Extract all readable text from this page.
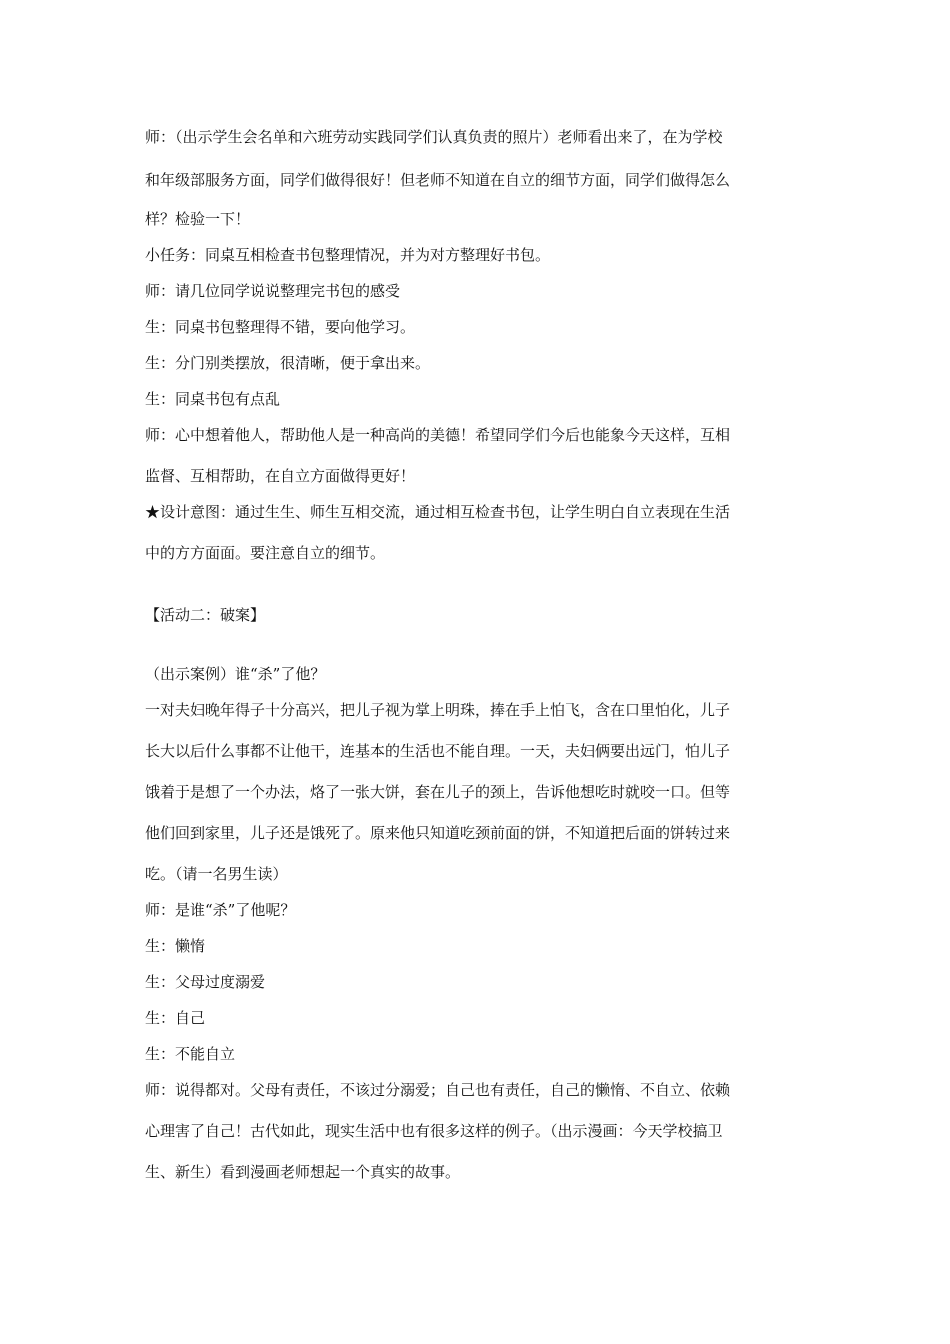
师：（出示学生会名单和六班劳动实践同学们认真负责的照片）老师看出来了，在为学校
和年级部服务方面，同学们做得很好！但老师不知道在自立的细节方面，同学们做得怎么
样？检验一下！
小任务：同桌互相检查书包整理情况，并为对方整理好书包。
师：请几位同学说说整理完书包的感受
生：同桌书包整理得不错，要向他学习。
生：分门别类摆放，很清晰，便于拿出来。
生：同桌书包有点乱
师：心中想着他人，帮助他人是一种高尚的美德！希望同学们今后也能象今天这样，互相
监督、互相帮助，在自立方面做得更好！
★设计意图：通过生生、师生互相交流，通过相互检查书包，让学生明白自立表现在生活
中的方方面面。要注意自立的细节。
【活动二：破案】
（出示案例）谁“杀”了他？
一对夫妇晚年得子十分高兴，把儿子视为掌上明珠，捧在手上怕飞，含在口里怕化，儿子
长大以后什么事都不让他干，连基本的生活也不能自理。一天，夫妇俩要出远门，怕儿子
饿着于是想了一个办法，烙了一张大饼，套在儿子的颈上，告诉他想吃时就咬一口。但等
他们回到家里，儿子还是饿死了。原来他只知道吃颈前面的饼，不知道把后面的饼转过来
吃。（请一名男生读）
师：是谁“杀”了他呢？
生：懒惰
生：父母过度溺爱
生：自己
生：不能自立
师：说得都对。父母有责任，不该过分溺爱；自己也有责任，自己的懒惰、不自立、依赖
心理害了自己！古代如此，现实生活中也有很多这样的例子。（出示漫画：今天学校搞卫
生、新生）看到漫画老师想起一个真实的故事。
